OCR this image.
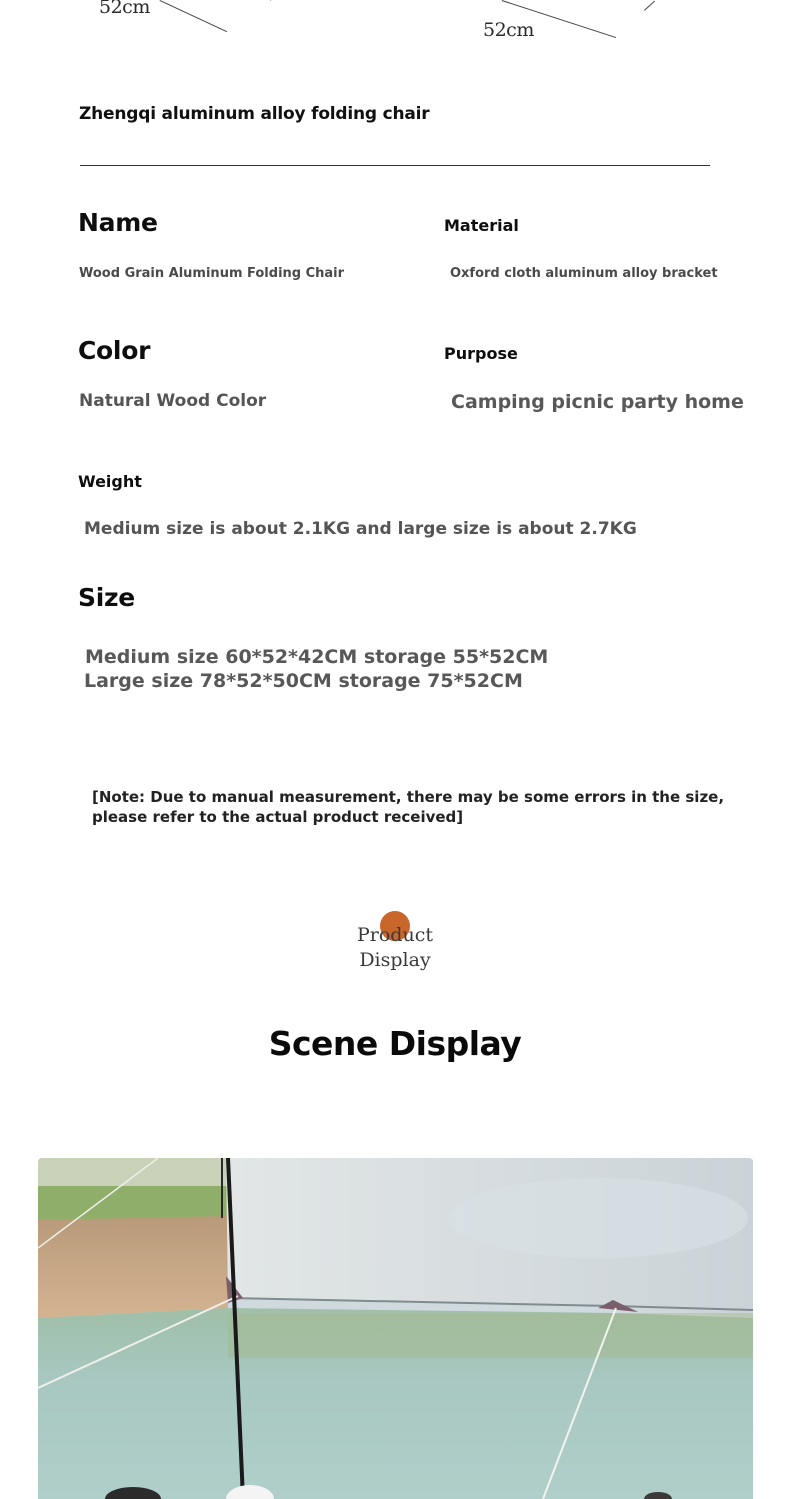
52cm
52cm
Zhengqi aluminum alloy folding chair
Name
Wood Grain Aluminum Folding Chair
Material
Oxford cloth aluminum alloy bracket
Color
Natural Wood Color
Purpose
Camping picnic party home
Weight
Medium size is about 2.1KG and large size is about 2.7KG
Size
Medium size 60*52*42CM storage 55*52CM
Large size 78*52*50CM storage 75*52CM
[Note: Due to manual measurement, there may be some errors in the size, please refer to the actual product received]
Product
Display
Scene Display
